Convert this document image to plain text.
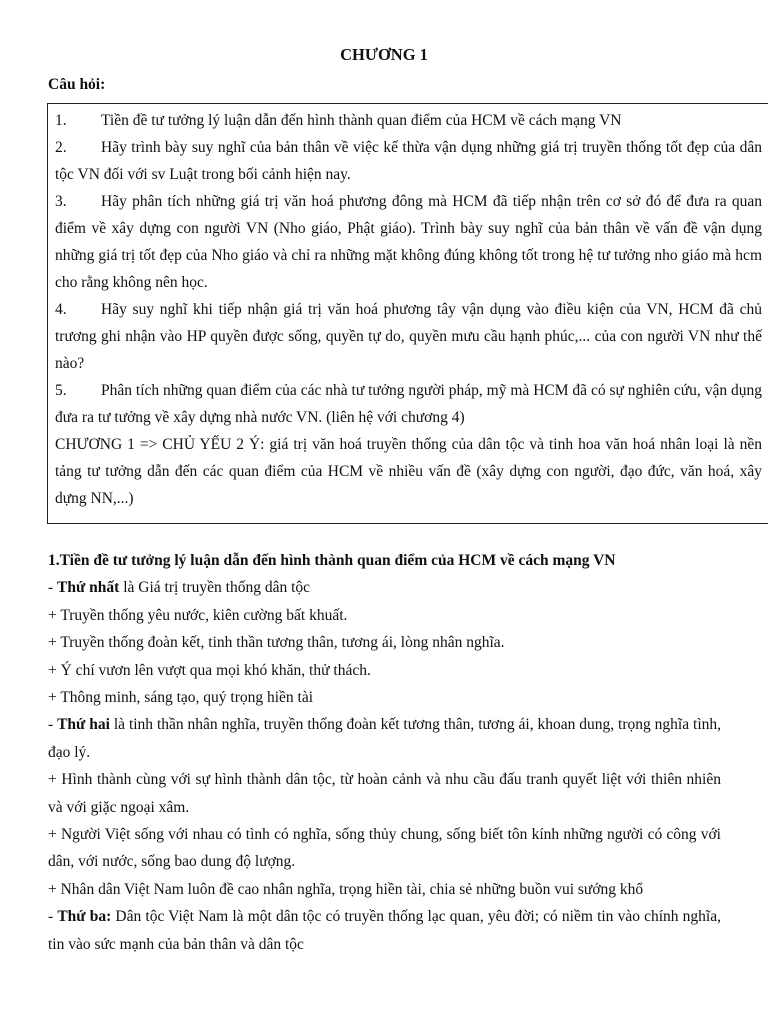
CHƯƠNG 1
Câu hỏi:

1. Tiền đề tư tưởng lý luận dẫn đến hình thành quan điểm của HCM về cách mạng VN

2. Hãy trình bày suy nghĩ của bản thân về việc kế thừa vận dụng những giá trị truyền thống tốt đẹp của dân tộc VN đối với sv Luật trong bối cảnh hiện nay.

3. Hãy phân tích những giá trị văn hoá phương đông mà HCM đã tiếp nhận trên cơ sở đó để đưa ra quan điểm về xây dựng con người VN (Nho giáo, Phật giáo). Trình bày suy nghĩ của bản thân về vấn đề vận dụng những giá trị tốt đẹp của Nho giáo và chỉ ra những mặt không đúng không tốt trong hệ tư tưởng nho giáo mà hcm cho rằng không nên học.

4. Hãy suy nghĩ khi tiếp nhận giá trị văn hoá phương tây vận dụng vào điều kiện của VN, HCM đã chủ trương ghi nhận vào HP quyền được sống, quyền tự do, quyền mưu cầu hạnh phúc,... của con người VN như thế nào?

5. Phân tích những quan điểm của các nhà tư tưởng người pháp, mỹ mà HCM đã có sự nghiên cứu, vận dụng đưa ra tư tưởng về xây dựng nhà nước VN. (liên hệ với chương 4)

CHƯƠNG 1 => CHỦ YẾU 2 Ý: giá trị văn hoá truyền thống của dân tộc và tinh hoa văn hoá nhân loại là nền tảng tư tưởng dẫn đến các quan điểm của HCM về nhiều vấn đề (xây dựng con người, đạo đức, văn hoá, xây dựng NN,...)

1.Tiền đề tư tưởng lý luận dẫn đến hình thành quan điểm của HCM về cách mạng VN

- Thứ nhất là Giá trị truyền thống dân tộc

+ Truyền thống yêu nước, kiên cường bất khuất.

+ Truyền thống đoàn kết, tinh thần tương thân, tương ái, lòng nhân nghĩa.

+ Ý chí vươn lên vượt qua mọi khó khăn, thử thách.

+ Thông minh, sáng tạo, quý trọng hiền tài

- Thứ hai là tinh thần nhân nghĩa, truyền thống đoàn kết tương thân, tương ái, khoan dung, trọng nghĩa tình, đạo lý.

+ Hình thành cùng với sự hình thành dân tộc, từ hoàn cảnh và nhu cầu đấu tranh quyết liệt với thiên nhiên và với giặc ngoại xâm.

+ Người Việt sống với nhau có tình có nghĩa, sống thủy chung, sống biết tôn kính những người có công với dân, với nước, sống bao dung độ lượng.

+ Nhân dân Việt Nam luôn đề cao nhân nghĩa, trọng hiền tài, chia sẻ những buồn vui sướng khổ

- Thứ ba: Dân tộc Việt Nam là một dân tộc có truyền thống lạc quan, yêu đời; có niềm tin vào chính nghĩa, tin vào sức mạnh của bản thân và dân tộc
